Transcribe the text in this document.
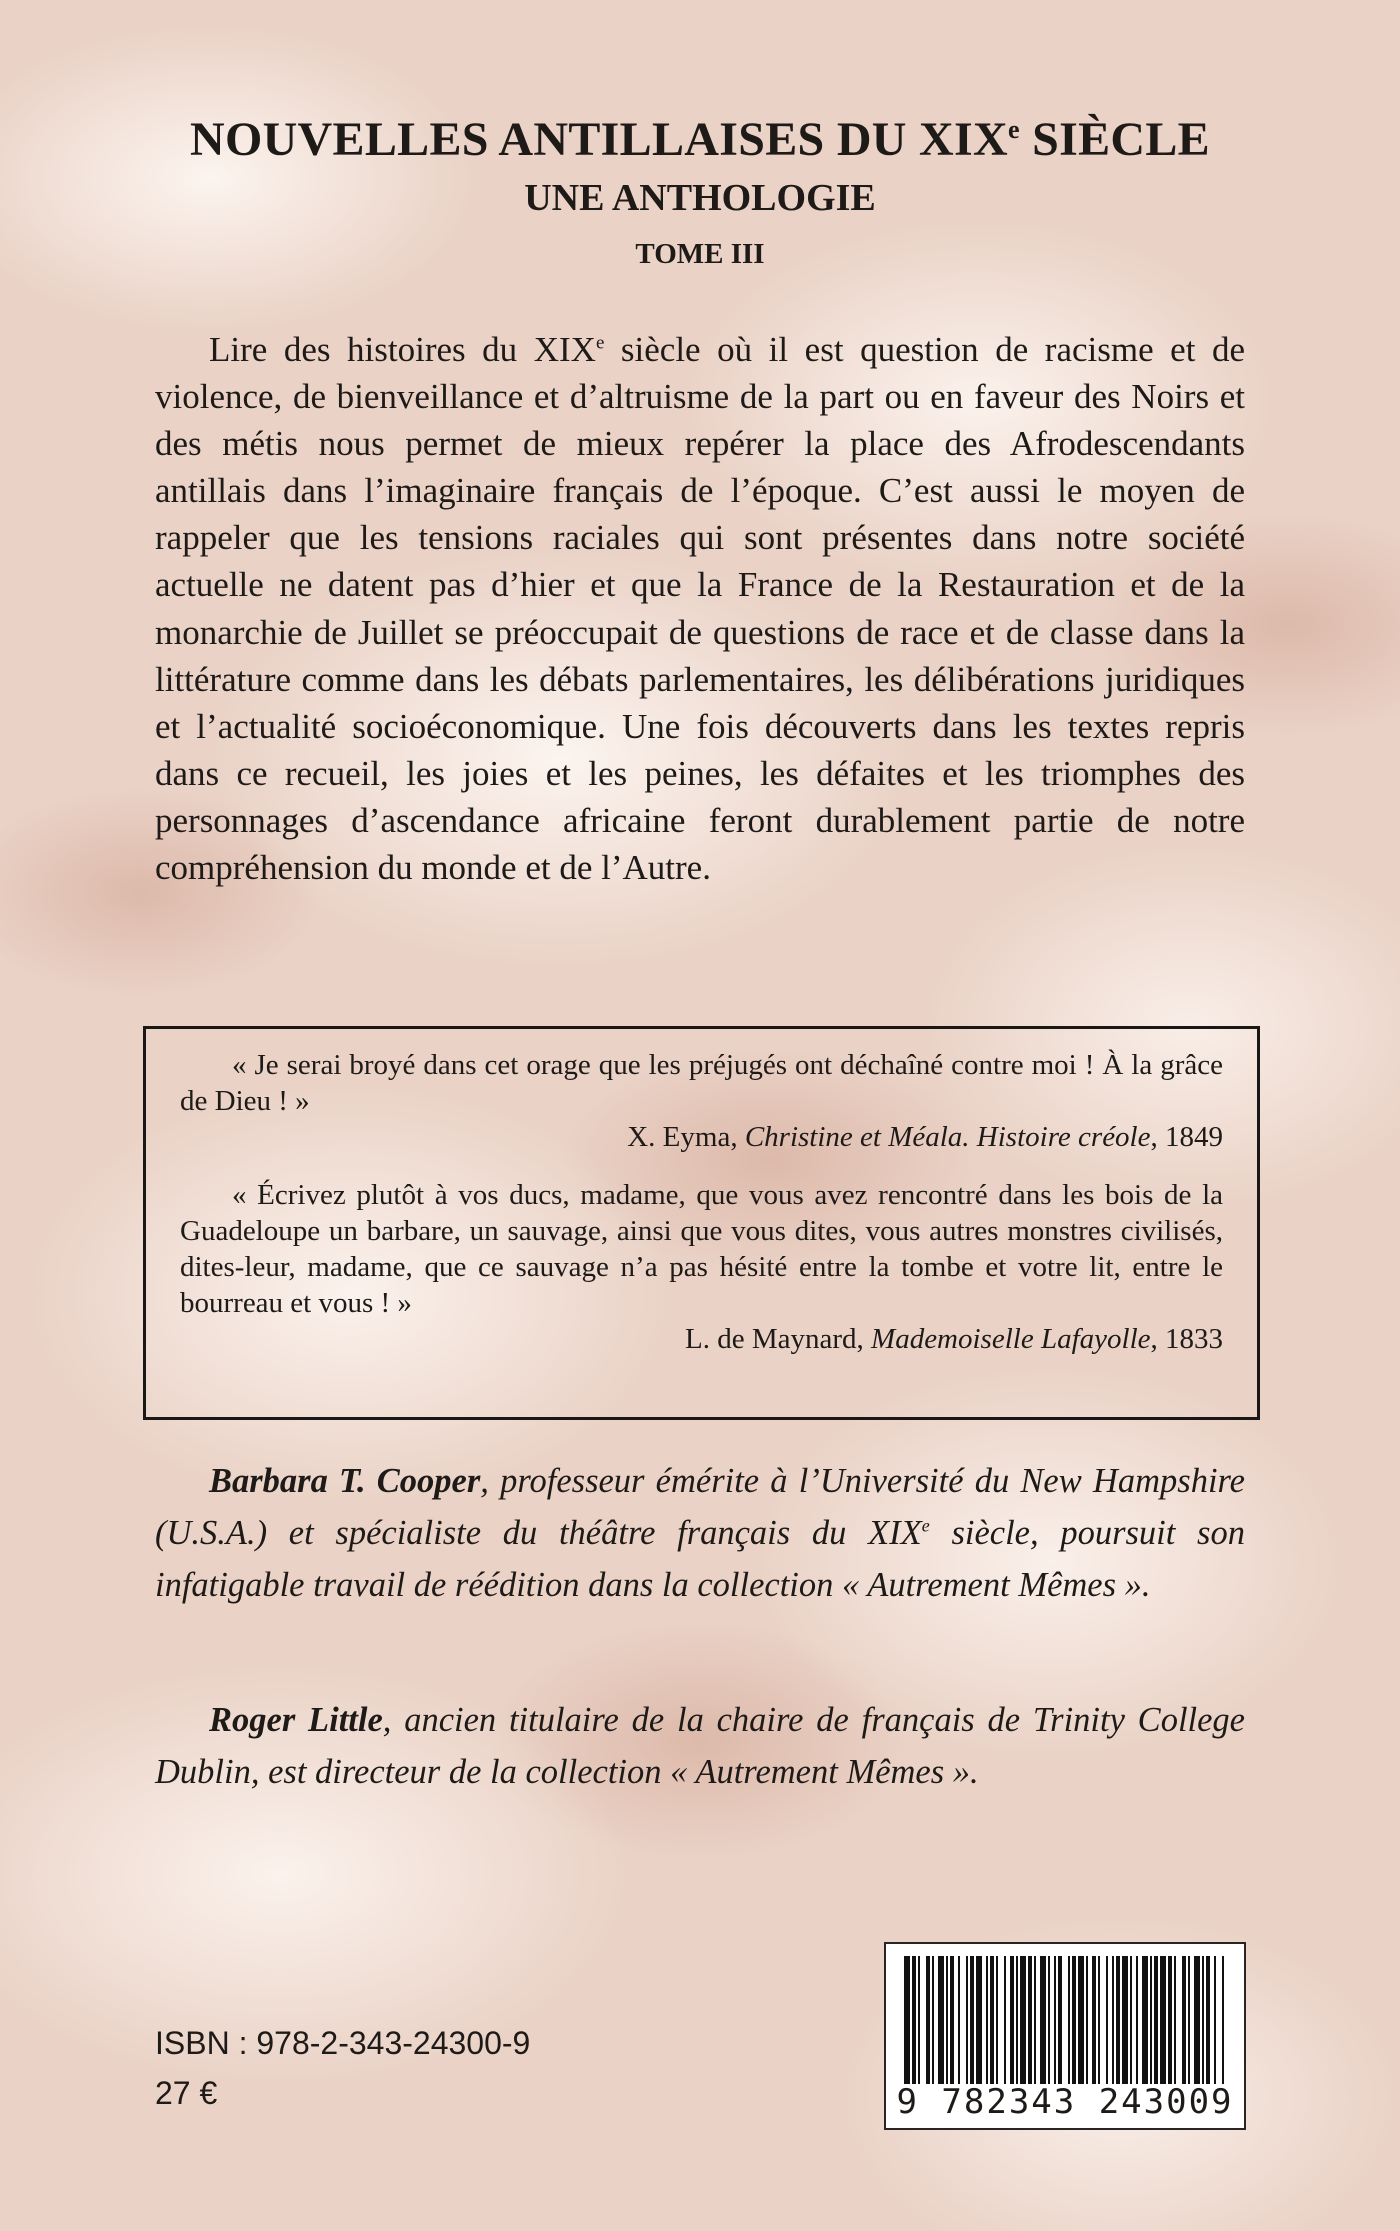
NOUVELLES ANTILLAISES DU XIXe SIÈCLE
UNE ANTHOLOGIE
TOME III

Lire des histoires du XIXe siècle où il est question de racisme et de violence, de bienveillance et d’altruisme de la part ou en faveur des Noirs et des métis nous permet de mieux repérer la place des Afrodescendants antillais dans l’imaginaire français de l’époque. C’est aussi le moyen de rappeler que les tensions raciales qui sont présentes dans notre société actuelle ne datent pas d’hier et que la France de la Restauration et de la monarchie de Juillet se préoccupait de questions de race et de classe dans la littérature comme dans les débats parlementaires, les délibérations juridiques et l’actualité socioéconomique. Une fois découverts dans les textes repris dans ce recueil, les joies et les peines, les défaites et les triomphes des personnages d’ascendance africaine feront durablement partie de notre compréhension du monde et de l’Autre.

« Je serai broyé dans cet orage que les préjugés ont déchaîné contre moi ! À la grâce de Dieu ! »

X. Eyma, Christine et Méala. Histoire créole, 1849

« Écrivez plutôt à vos ducs, madame, que vous avez rencontré dans les bois de la Guadeloupe un barbare, un sauvage, ainsi que vous dites, vous autres monstres civilisés, dites-leur, madame, que ce sauvage n’a pas hésité entre la tombe et votre lit, entre le bourreau et vous ! »

L. de Maynard, Mademoiselle Lafayolle, 1833

Barbara T. Cooper, professeur émérite à l’Université du New Hampshire (U.S.A.) et spécialiste du théâtre français du XIXe siècle, poursuit son infatigable travail de réédition dans la collection « Autrement Mêmes ».

Roger Little, ancien titulaire de la chaire de français de Trinity College Dublin, est directeur de la collection « Autrement Mêmes ».

ISBN : 978-2-343-24300-9

27 €	9 782343 243009
